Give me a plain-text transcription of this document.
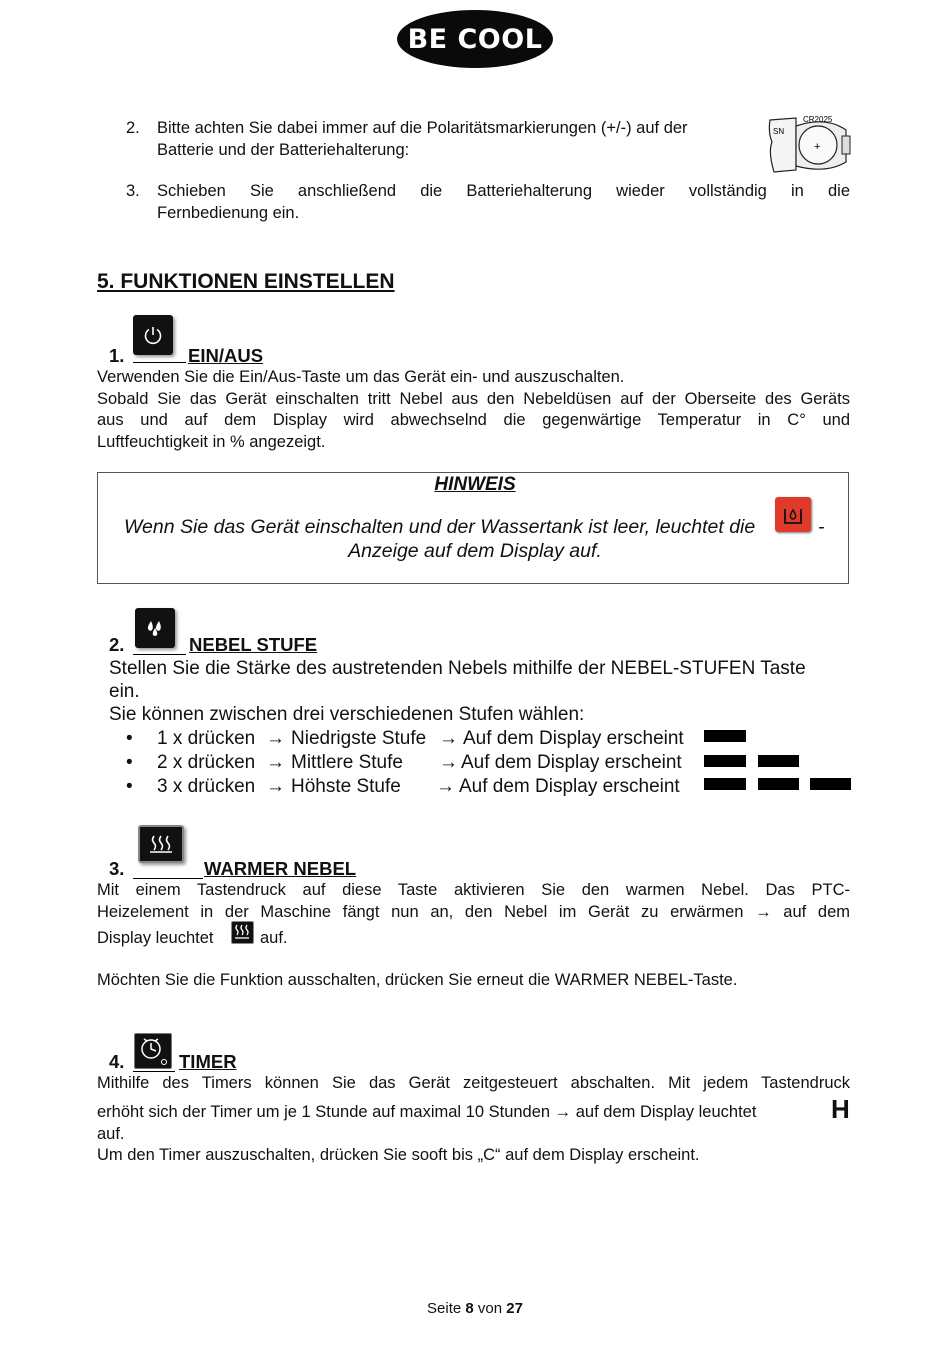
BE COOL
2. Bitte achten Sie dabei immer auf die Polaritätsmarkierungen (+/-) auf der
Batterie und der Batteriehalterung:
SN
CR2025
+
3. Schieben Sie anschließend die Batteriehalterung wieder vollständig in die
Fernbedienung ein.
5. FUNKTIONEN EINSTELLEN
1.	EIN/AUS
Verwenden Sie die Ein/Aus-Taste um das Gerät ein- und auszuschalten.
Sobald Sie das Gerät einschalten tritt Nebel aus den Nebeldüsen auf der Oberseite des Geräts
aus und auf dem Display wird abwechselnd die gegenwärtige Temperatur in C° und
Luftfeuchtigkeit in % angezeigt.
HINWEIS
Wenn Sie das Gerät einschalten und der Wassertank ist leer, leuchtet die	-
Anzeige auf dem Display auf.
2.	NEBEL STUFE
Stellen Sie die Stärke des austretenden Nebels mithilfe der NEBEL-STUFEN Taste
ein.
Sie können zwischen drei verschiedenen Stufen wählen:
• 1 x drücken → Niedrigste Stufe → Auf dem Display erscheint
• 2 x drücken → Mittlere Stufe → Auf dem Display erscheint
• 3 x drücken → Höhste Stufe → Auf dem Display erscheint
3.	WARMER NEBEL
Mit einem Tastendruck auf diese Taste aktivieren Sie den warmen Nebel. Das PTC-
Heizelement in der Maschine fängt nun an, den Nebel im Gerät zu erwärmen → auf dem
Display leuchtet	auf.
Möchten Sie die Funktion ausschalten, drücken Sie erneut die WARMER NEBEL-Taste.
4.	TIMER
Mithilfe des Timers können Sie das Gerät zeitgesteuert abschalten. Mit jedem Tastendruck
erhöht sich der Timer um je 1 Stunde auf maximal 10 Stunden → auf dem Display leuchtet	H
auf.
Um den Timer auszuschalten, drücken Sie sooft bis „C“ auf dem Display erscheint.
Seite 8 von 27
